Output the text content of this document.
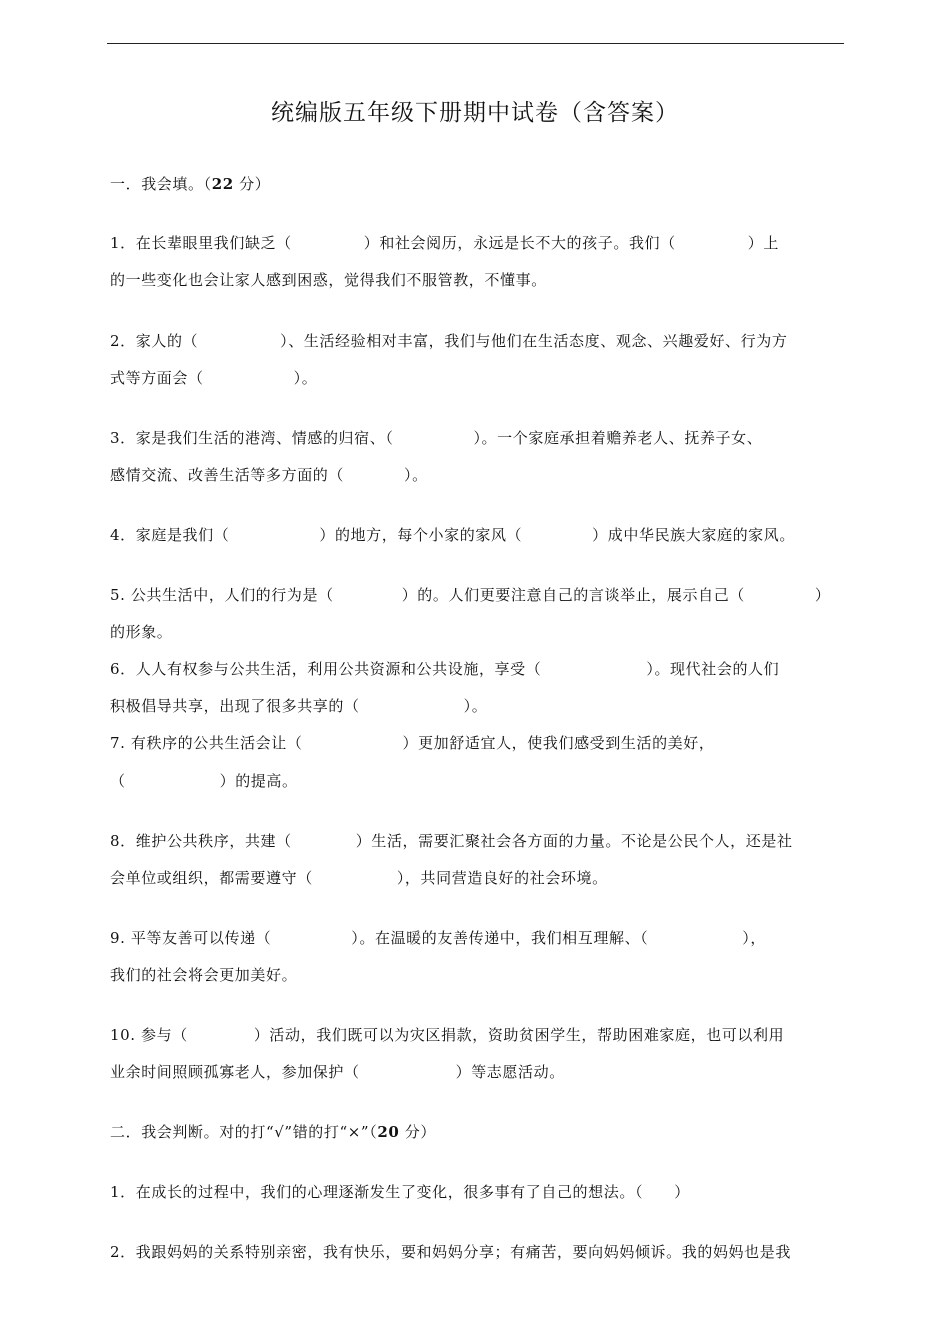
统编版五年级下册期中试卷（含答案）
一．我会填。（22 分）
1．在长辈眼里我们缺乏（	）和社会阅历，永远是长不大的孩子。我们（	）上
的一些变化也会让家人感到困惑，觉得我们不服管教，不懂事。
2．家人的（	）、生活经验相对丰富，我们与他们在生活态度、观念、兴趣爱好、行为方
式等方面会（	）。
3．家是我们生活的港湾、情感的归宿、（	）。一个家庭承担着赡养老人、抚养子女、
感情交流、改善生活等多方面的（	）。
4．家庭是我们（	）的地方，每个小家的家风（	）成中华民族大家庭的家风。
5. 公共生活中，人们的行为是（	）的。人们更要注意自己的言谈举止，展示自己（	）
的形象。
6．人人有权参与公共生活，利用公共资源和公共设施，享受（	）。现代社会的人们
积极倡导共享，出现了很多共享的（	）。
7. 有秩序的公共生活会让（	）更加舒适宜人，使我们感受到生活的美好，
（	）的提高。
8．维护公共秩序，共建（	）生活，需要汇聚社会各方面的力量。不论是公民个人，还是社
会单位或组织，都需要遵守（	），共同营造良好的社会环境。
9. 平等友善可以传递（	）。在温暖的友善传递中，我们相互理解、（	），
我们的社会将会更加美好。
10. 参与（	）活动，我们既可以为灾区捐款，资助贫困学生，帮助困难家庭，也可以利用
业余时间照顾孤寡老人，参加保护（	）等志愿活动。
二．我会判断。对的打“√”错的打“×”（20 分）
1．在成长的过程中，我们的心理逐渐发生了变化，很多事有了自己的想法。（　　）
2．我跟妈妈的关系特别亲密，我有快乐，要和妈妈分享；有痛苦，要向妈妈倾诉。我的妈妈也是我
